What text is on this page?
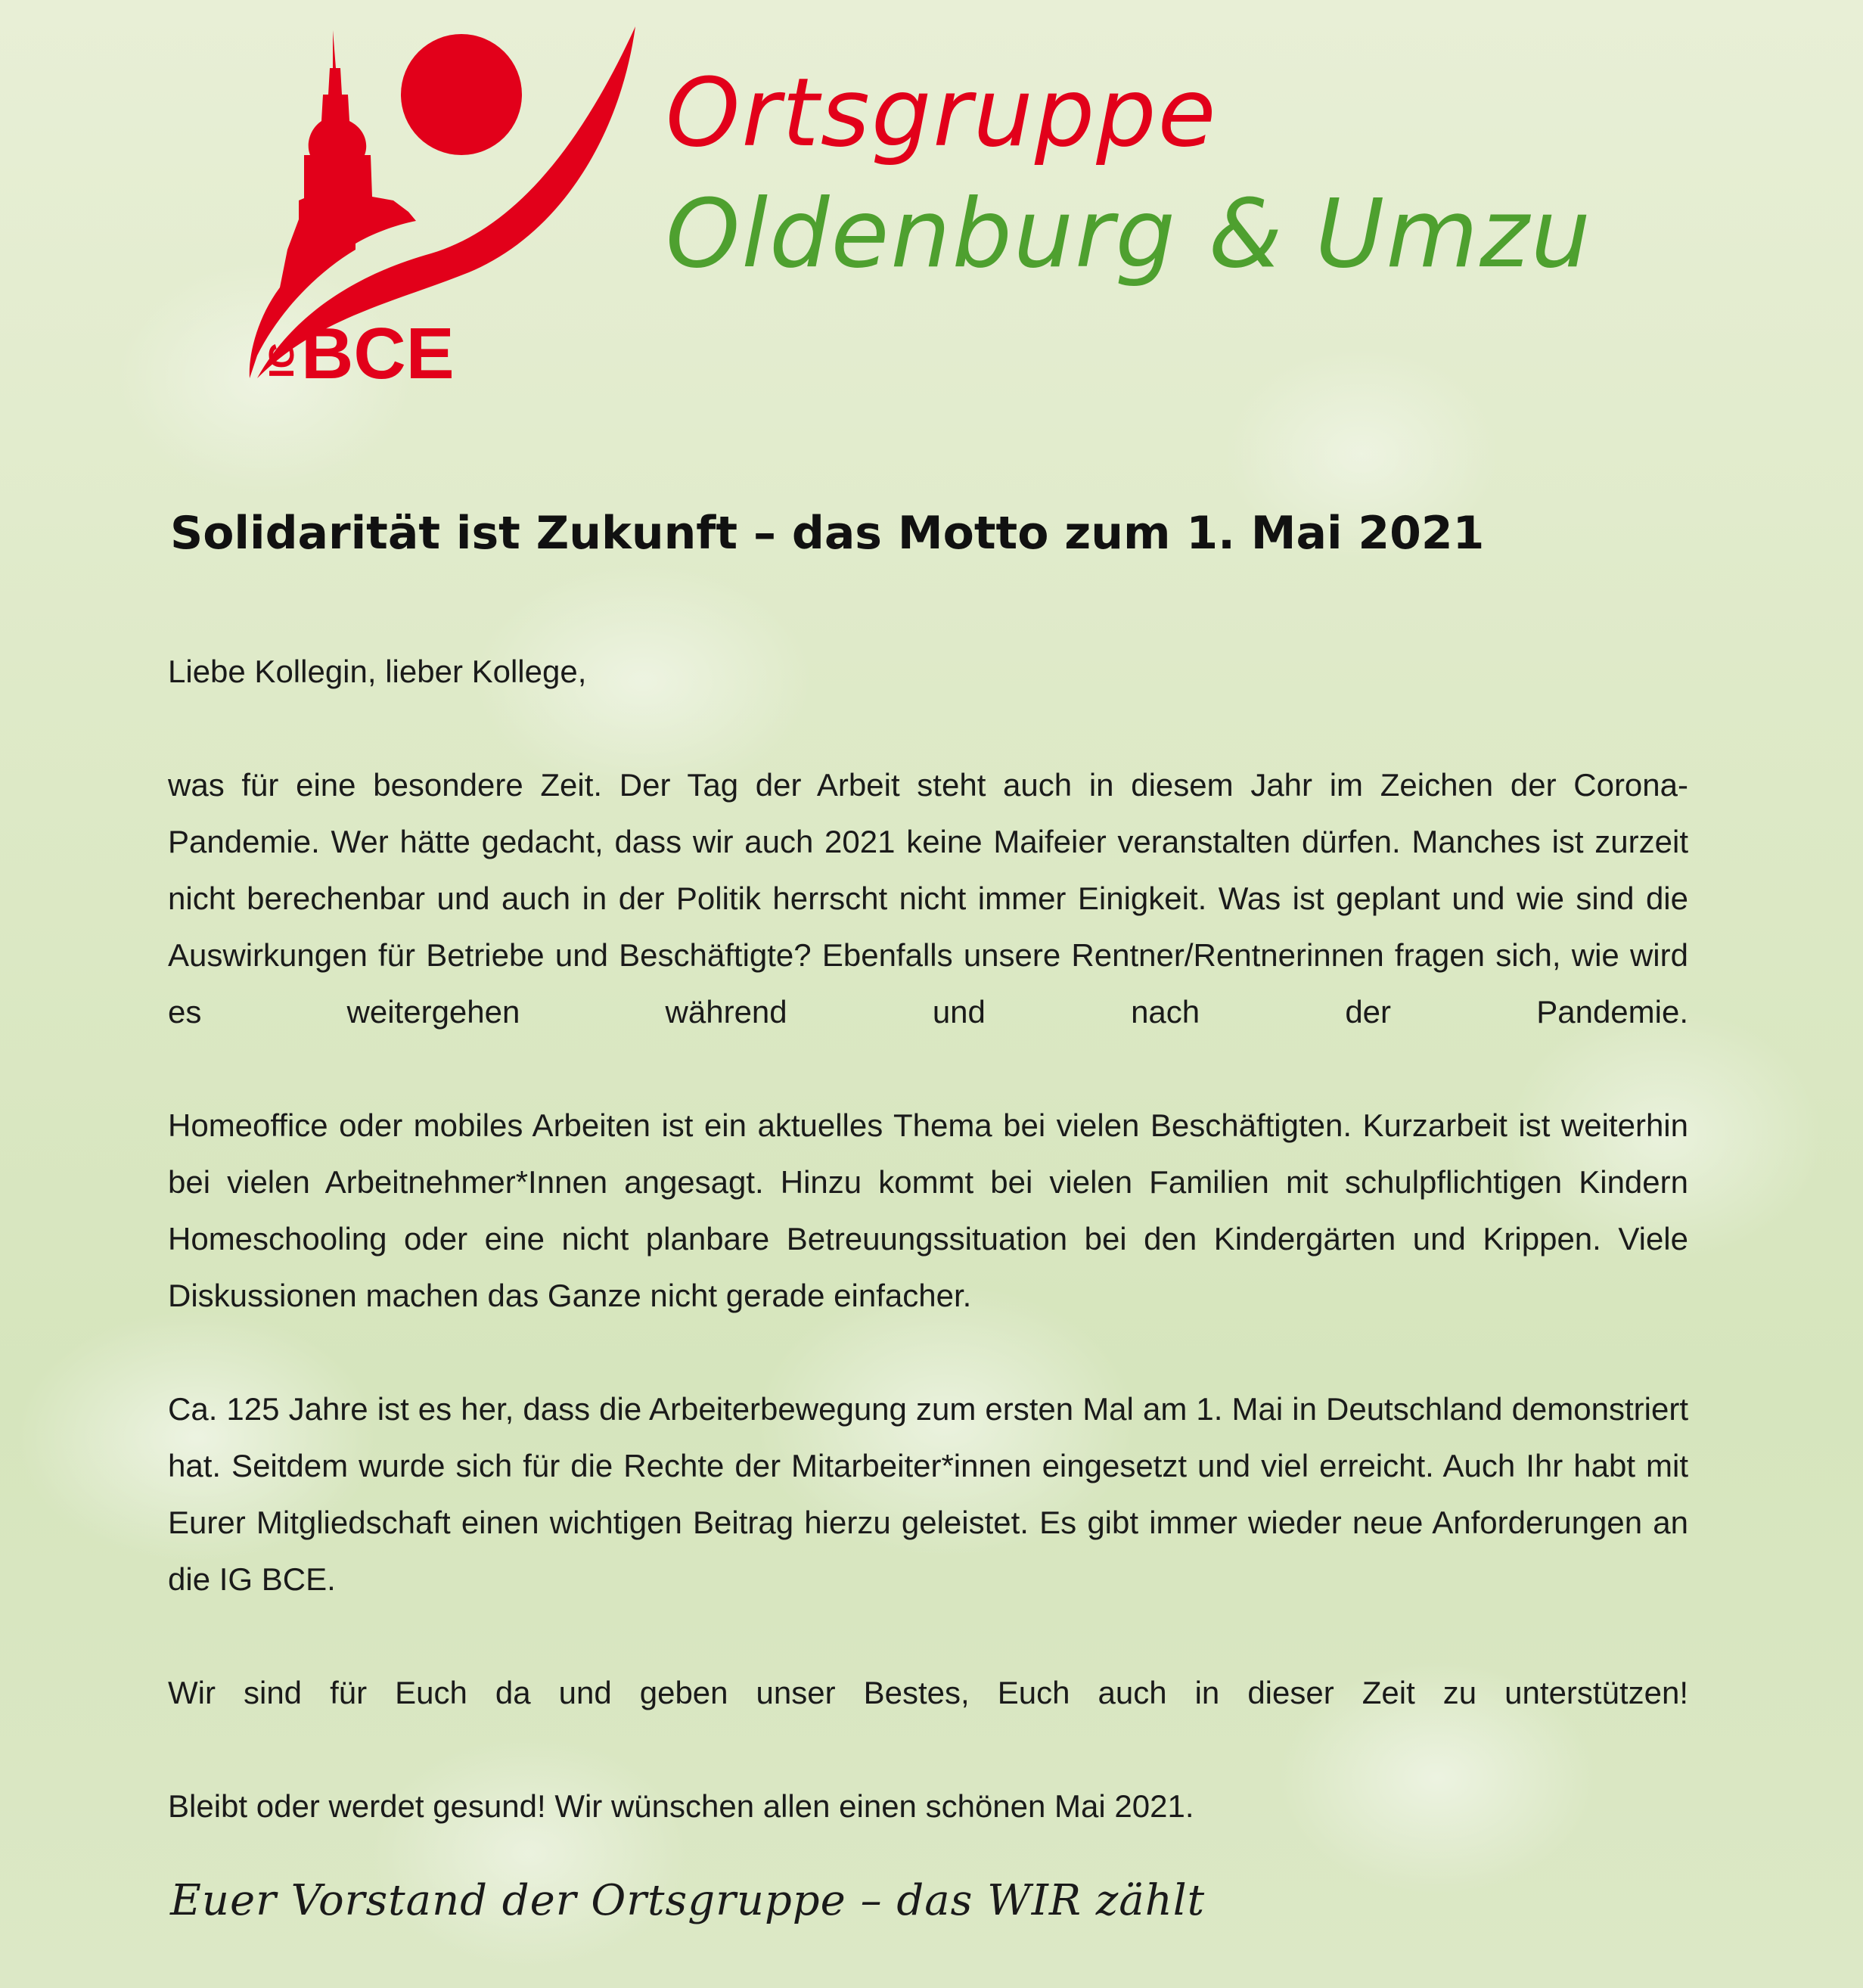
IG BCE
Ortsgruppe
Oldenburg & Umzu
Solidarität ist Zukunft – das Motto zum 1. Mai 2021

Liebe Kollegin, lieber Kollege,

was für eine besondere Zeit. Der Tag der Arbeit steht auch in diesem Jahr im Zeichen der Corona-Pandemie. Wer hätte gedacht, dass wir auch 2021 keine Maifeier veranstalten dürfen. Manches ist zurzeit nicht berechenbar und auch in der Politik herrscht nicht immer Einigkeit. Was ist geplant und wie sind die Auswirkungen für Betriebe und Beschäftigte? Ebenfalls unsere Rentner/Rentnerinnen fragen sich, wie wird es weitergehen während und nach der Pandemie.

Homeoffice oder mobiles Arbeiten ist ein aktuelles Thema bei vielen Beschäftigten. Kurzarbeit ist weiterhin bei vielen Arbeitnehmer*Innen angesagt. Hinzu kommt bei vielen Familien mit schulpflichtigen Kindern Homeschooling oder eine nicht planbare Betreuungssituation bei den Kindergärten und Krippen. Viele Diskussionen machen das Ganze nicht gerade einfacher.

Ca. 125 Jahre ist es her, dass die Arbeiterbewegung zum ersten Mal am 1. Mai in Deutschland demonstriert hat. Seitdem wurde sich für die Rechte der Mitarbeiter*innen eingesetzt und viel erreicht. Auch Ihr habt mit Eurer Mitgliedschaft einen wichtigen Beitrag hierzu geleistet. Es gibt immer wieder neue Anforderungen an die IG BCE.

Wir sind für Euch da und geben unser Bestes, Euch auch in dieser Zeit zu unterstützen!

Bleibt oder werdet gesund! Wir wünschen allen einen schönen Mai 2021.

Euer Vorstand der Ortsgruppe – das WIR zählt
